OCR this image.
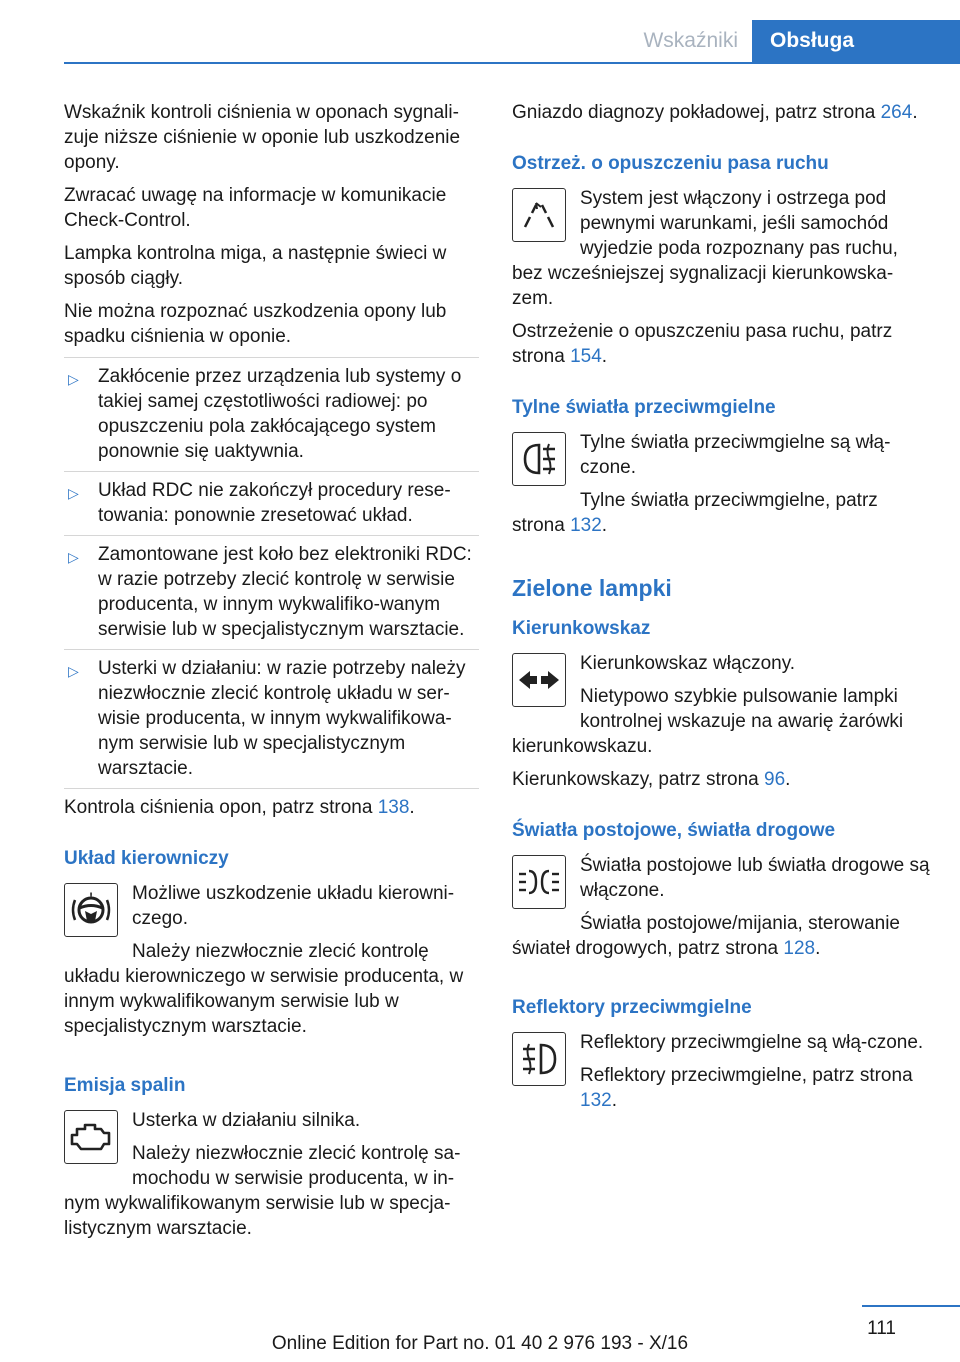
Wskaźniki	Obsługa

Wskaźnik kontroli ciśnienia w oponach sygnali-zuje niższe ciśnienie w oponie lub uszkodzenie opony.

Zwracać uwagę na informacje w komunikacie Check-Control.

Lampka kontrolna miga, a następnie świeci w sposób ciągły.

Nie można rozpoznać uszkodzenia opony lub spadku ciśnienia w oponie.

▷ Zakłócenie przez urządzenia lub systemy o takiej samej częstotliwości radiowej: po opuszczeniu pola zakłócającego system ponownie się uaktywnia.
▷ Układ RDC nie zakończył procedury rese-towania: ponownie zresetować układ.
▷ Zamontowane jest koło bez elektroniki RDC: w razie potrzeby zlecić kontrolę w serwisie producenta, w innym wykwalifiko-wanym serwisie lub w specjalistycznym warsztacie.
▷ Usterki w działaniu: w razie potrzeby należy niezwłocznie zlecić kontrolę układu w ser-wisie producenta, w innym wykwalifikowa-nym serwisie lub w specjalistycznym warsztacie.

Kontrola ciśnienia opon, patrz strona 138.

Układ kierowniczy
!	Możliwe uszkodzenie układu kierowni-czego.

Należy niezwłocznie zlecić kontrolę układu kierowniczego w serwisie producenta, w innym wykwalifikowanym serwisie lub w specjalistycznym warsztacie.

Emisja spalin

Usterka w działaniu silnika.

Należy niezwłocznie zlecić kontrolę sa-mochodu w serwisie producenta, w in-nym wykwalifikowanym serwisie lub w specja-listycznym warsztacie.

Gniazdo diagnozy pokładowej, patrz strona 264.

Ostrzeż. o opuszczeniu pasa ruchu

System jest włączony i ostrzega pod pewnymi warunkami, jeśli samochód wyjedzie poda rozpoznany pas ruchu, bez wcześniejszej sygnalizacji kierunkowska-zem.

Ostrzeżenie o opuszczeniu pasa ruchu, patrz strona 154.

Tylne światła przeciwmgielne

Tylne światła przeciwmgielne są włą-czone.

Tylne światła przeciwmgielne, patrz strona 132.

Zielone lampki
Kierunkowskaz

Kierunkowskaz włączony.

Nietypowo szybkie pulsowanie lampki kontrolnej wskazuje na awarię żarówki kierunkowskazu.

Kierunkowskazy, patrz strona 96.

Światła postojowe, światła drogowe

Światła postojowe lub światła drogowe są włączone.

Światła postojowe/mijania, sterowanie świateł drogowych, patrz strona 128.

Reflektory przeciwmgielne

Reflektory przeciwmgielne są włą-czone.

Reflektory przeciwmgielne, patrz strona 132.

111
Online Edition for Part no. 01 40 2 976 193 - X/16
